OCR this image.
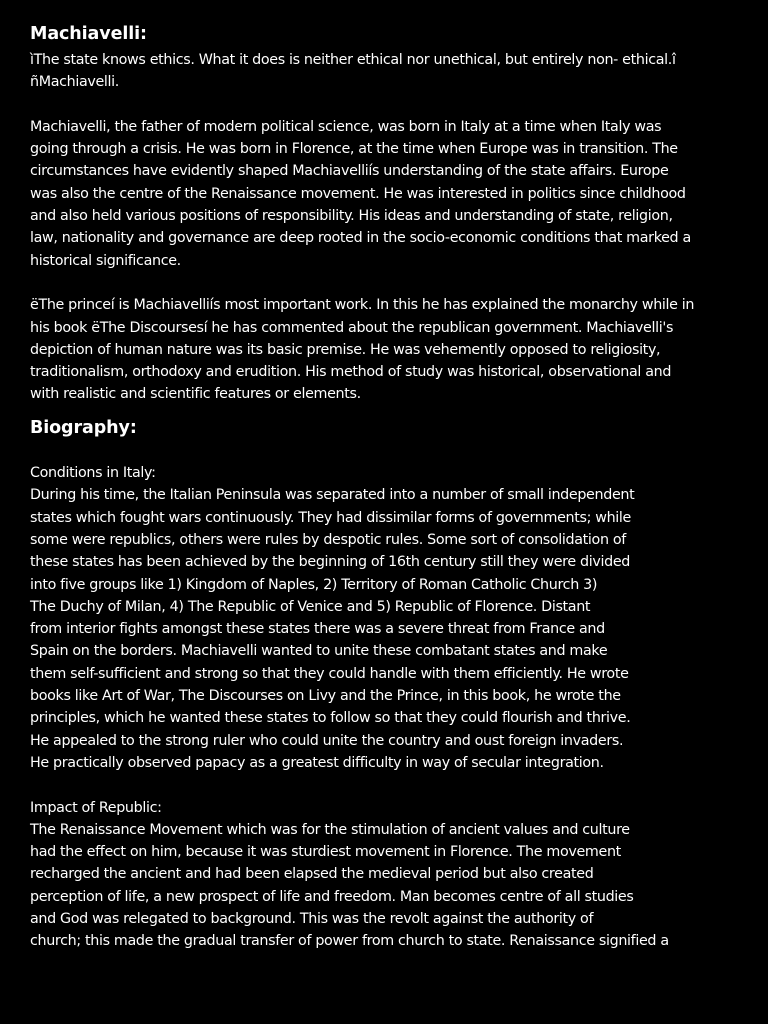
Machiavelli:
ìThe state knows ethics. What it does is neither ethical nor unethical, but entirely non- ethical.î
ñMachiavelli.
Machiavelli, the father of modern political science, was born in Italy at a time when Italy was
going through a crisis. He was born in Florence, at the time when Europe was in transition. The
circumstances have evidently shaped Machiavelliís understanding of the state affairs. Europe
was also the centre of the Renaissance movement. He was interested in politics since childhood
and also held various positions of responsibility. His ideas and understanding of state, religion,
law, nationality and governance are deep rooted in the socio-economic conditions that marked a
historical significance.
ëThe princeí is Machiavelliís most important work. In this he has explained the monarchy while in
his book ëThe Discoursesí he has commented about the republican government. Machiavelli's
depiction of human nature was its basic premise. He was vehemently opposed to religiosity,
traditionalism, orthodoxy and erudition. His method of study was historical, observational and
with realistic and scientific features or elements.
Biography:
Conditions in Italy:
During his time, the Italian Peninsula was separated into a number of small independent
states which fought wars continuously. They had dissimilar forms of governments; while
some were republics, others were rules by despotic rules. Some sort of consolidation of
these states has been achieved by the beginning of 16th century still they were divided
into five groups like 1) Kingdom of Naples, 2) Territory of Roman Catholic Church 3)
The Duchy of Milan, 4) The Republic of Venice and 5) Republic of Florence. Distant
from interior fights amongst these states there was a severe threat from France and
Spain on the borders. Machiavelli wanted to unite these combatant states and make
them self-sufficient and strong so that they could handle with them efficiently. He wrote
books like Art of War, The Discourses on Livy and the Prince, in this book, he wrote the
principles, which he wanted these states to follow so that they could flourish and thrive.
He appealed to the strong ruler who could unite the country and oust foreign invaders.
He practically observed papacy as a greatest difficulty in way of secular integration.
Impact of Republic:
The Renaissance Movement which was for the stimulation of ancient values and culture
had the effect on him, because it was sturdiest movement in Florence. The movement
recharged the ancient and had been elapsed the medieval period but also created
perception of life, a new prospect of life and freedom. Man becomes centre of all studies
and God was relegated to background. This was the revolt against the authority of
church; this made the gradual transfer of power from church to state. Renaissance signified a
